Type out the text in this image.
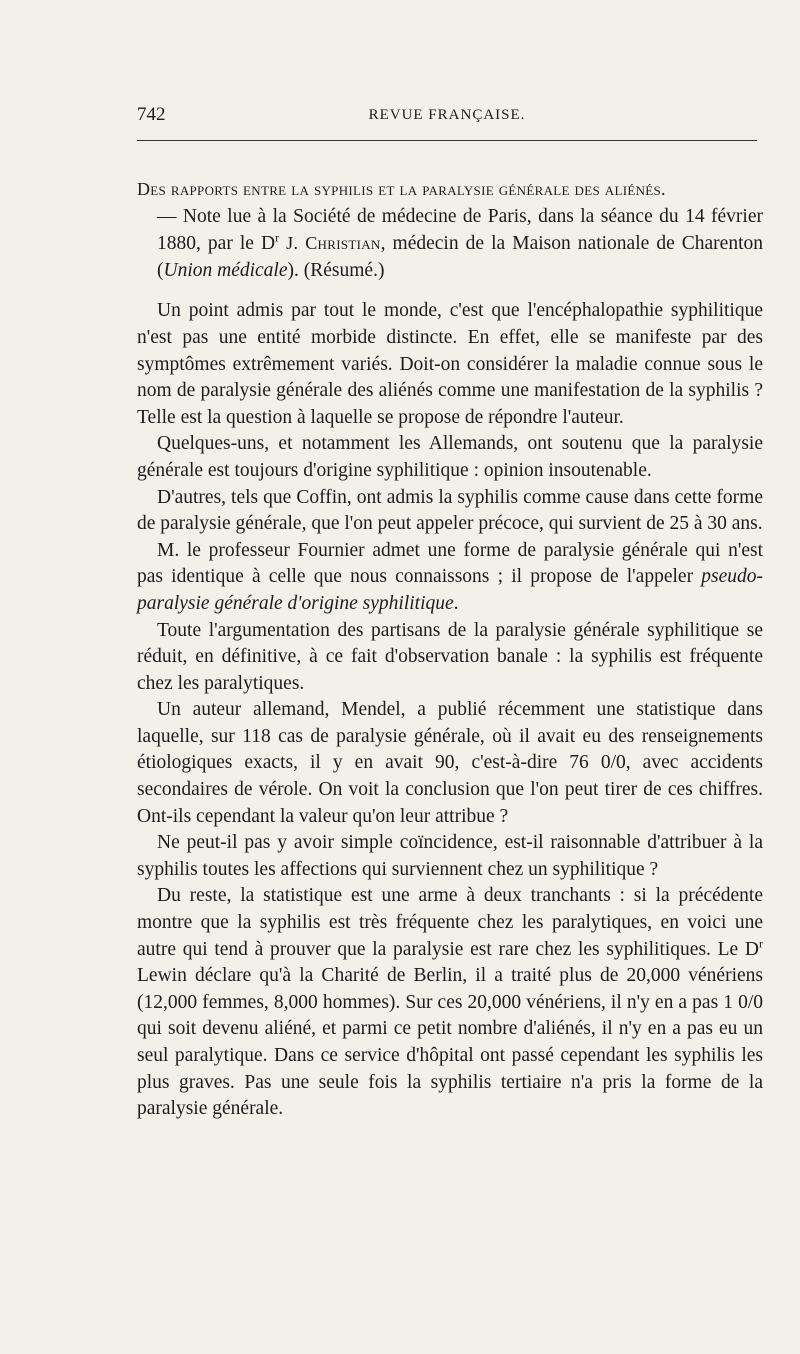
742	REVUE FRANÇAISE.

Des rapports entre la syphilis et la paralysie générale des aliénés.
— Note lue à la Société de médecine de Paris, dans la séance du 14 février 1880, par le $D^r$ J. Christian, médecin de la Maison nationale de Charenton (Union médicale). (Résumé.)

Un point admis par tout le monde, c'est que l'encéphalopathie syphilitique n'est pas une entité morbide distincte. En effet, elle se manifeste par des symptômes extrêmement variés. Doit-on considérer la maladie connue sous le nom de paralysie générale des aliénés comme une manifestation de la syphilis ? Telle est la question à laquelle se propose de répondre l'auteur.

Quelques-uns, et notamment les Allemands, ont soutenu que la paralysie générale est toujours d'origine syphilitique : opinion insoutenable.

D'autres, tels que Coffin, ont admis la syphilis comme cause dans cette forme de paralysie générale, que l'on peut appeler précoce, qui survient de 25 à 30 ans.

M. le professeur Fournier admet une forme de paralysie générale qui n'est pas identique à celle que nous connaissons ; il propose de l'appeler pseudo-paralysie générale d'origine syphilitique.

Toute l'argumentation des partisans de la paralysie générale syphilitique se réduit, en définitive, à ce fait d'observation banale : la syphilis est fréquente chez les paralytiques.

Un auteur allemand, Mendel, a publié récemment une statistique dans laquelle, sur 118 cas de paralysie générale, où il avait eu des renseignements étiologiques exacts, il y en avait 90, c'est-à-dire 76 0/0, avec accidents secondaires de vérole. On voit la conclusion que l'on peut tirer de ces chiffres. Ont-ils cependant la valeur qu'on leur attribue ?

Ne peut-il pas y avoir simple coïncidence, est-il raisonnable d'attribuer à la syphilis toutes les affections qui surviennent chez un syphilitique ?

Du reste, la statistique est une arme à deux tranchants : si la précédente montre que la syphilis est très fréquente chez les paralytiques, en voici une autre qui tend à prouver que la paralysie est rare chez les syphilitiques. Le $D^r$ Lewin déclare qu'à la Charité de Berlin, il a traité plus de 20,000 vénériens (12,000 femmes, 8,000 hommes). Sur ces 20,000 vénériens, il n'y en a pas 1 0/0 qui soit devenu aliéné, et parmi ce petit nombre d'aliénés, il n'y en a pas eu un seul paralytique. Dans ce service d'hôpital ont passé cependant les syphilis les plus graves. Pas une seule fois la syphilis tertiaire n'a pris la forme de la paralysie générale.
